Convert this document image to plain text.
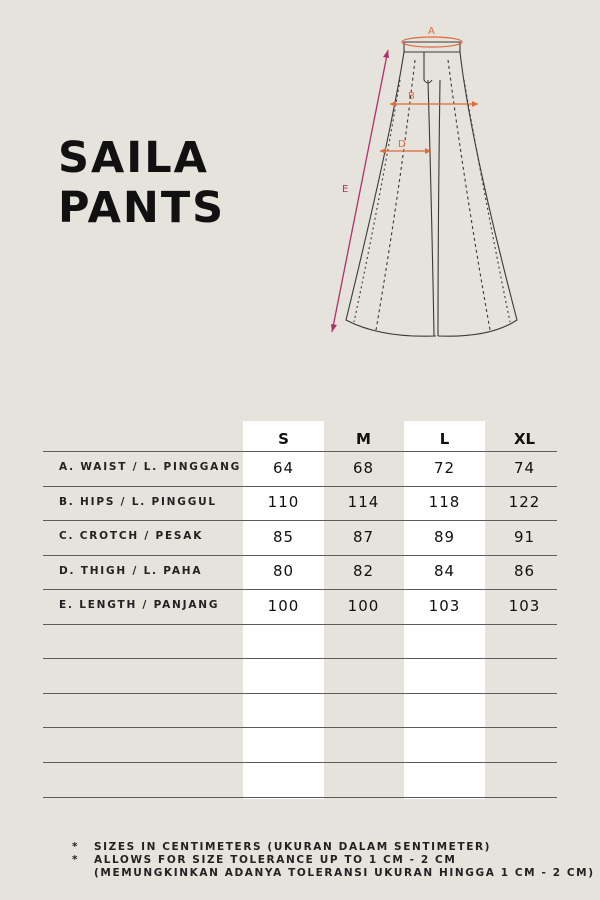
SAILA
PANTS
A
B
D
E
S	M	L	XL
A. WAIST / L. PINGGANG	64	68	72	74
B. HIPS / L. PINGGUL	110	114	118	122
C. CROTCH / PESAK	85	87	89	91
D. THIGH / L. PAHA	80	82	84	86
E. LENGTH / PANJANG	100	100	103	103
*	SIZES IN CENTIMETERS (UKURAN DALAM SENTIMETER)
*	ALLOWS FOR SIZE TOLERANCE UP TO 1 CM - 2 CM
(MEMUNGKINKAN ADANYA TOLERANSI UKURAN HINGGA 1 CM - 2 CM)
